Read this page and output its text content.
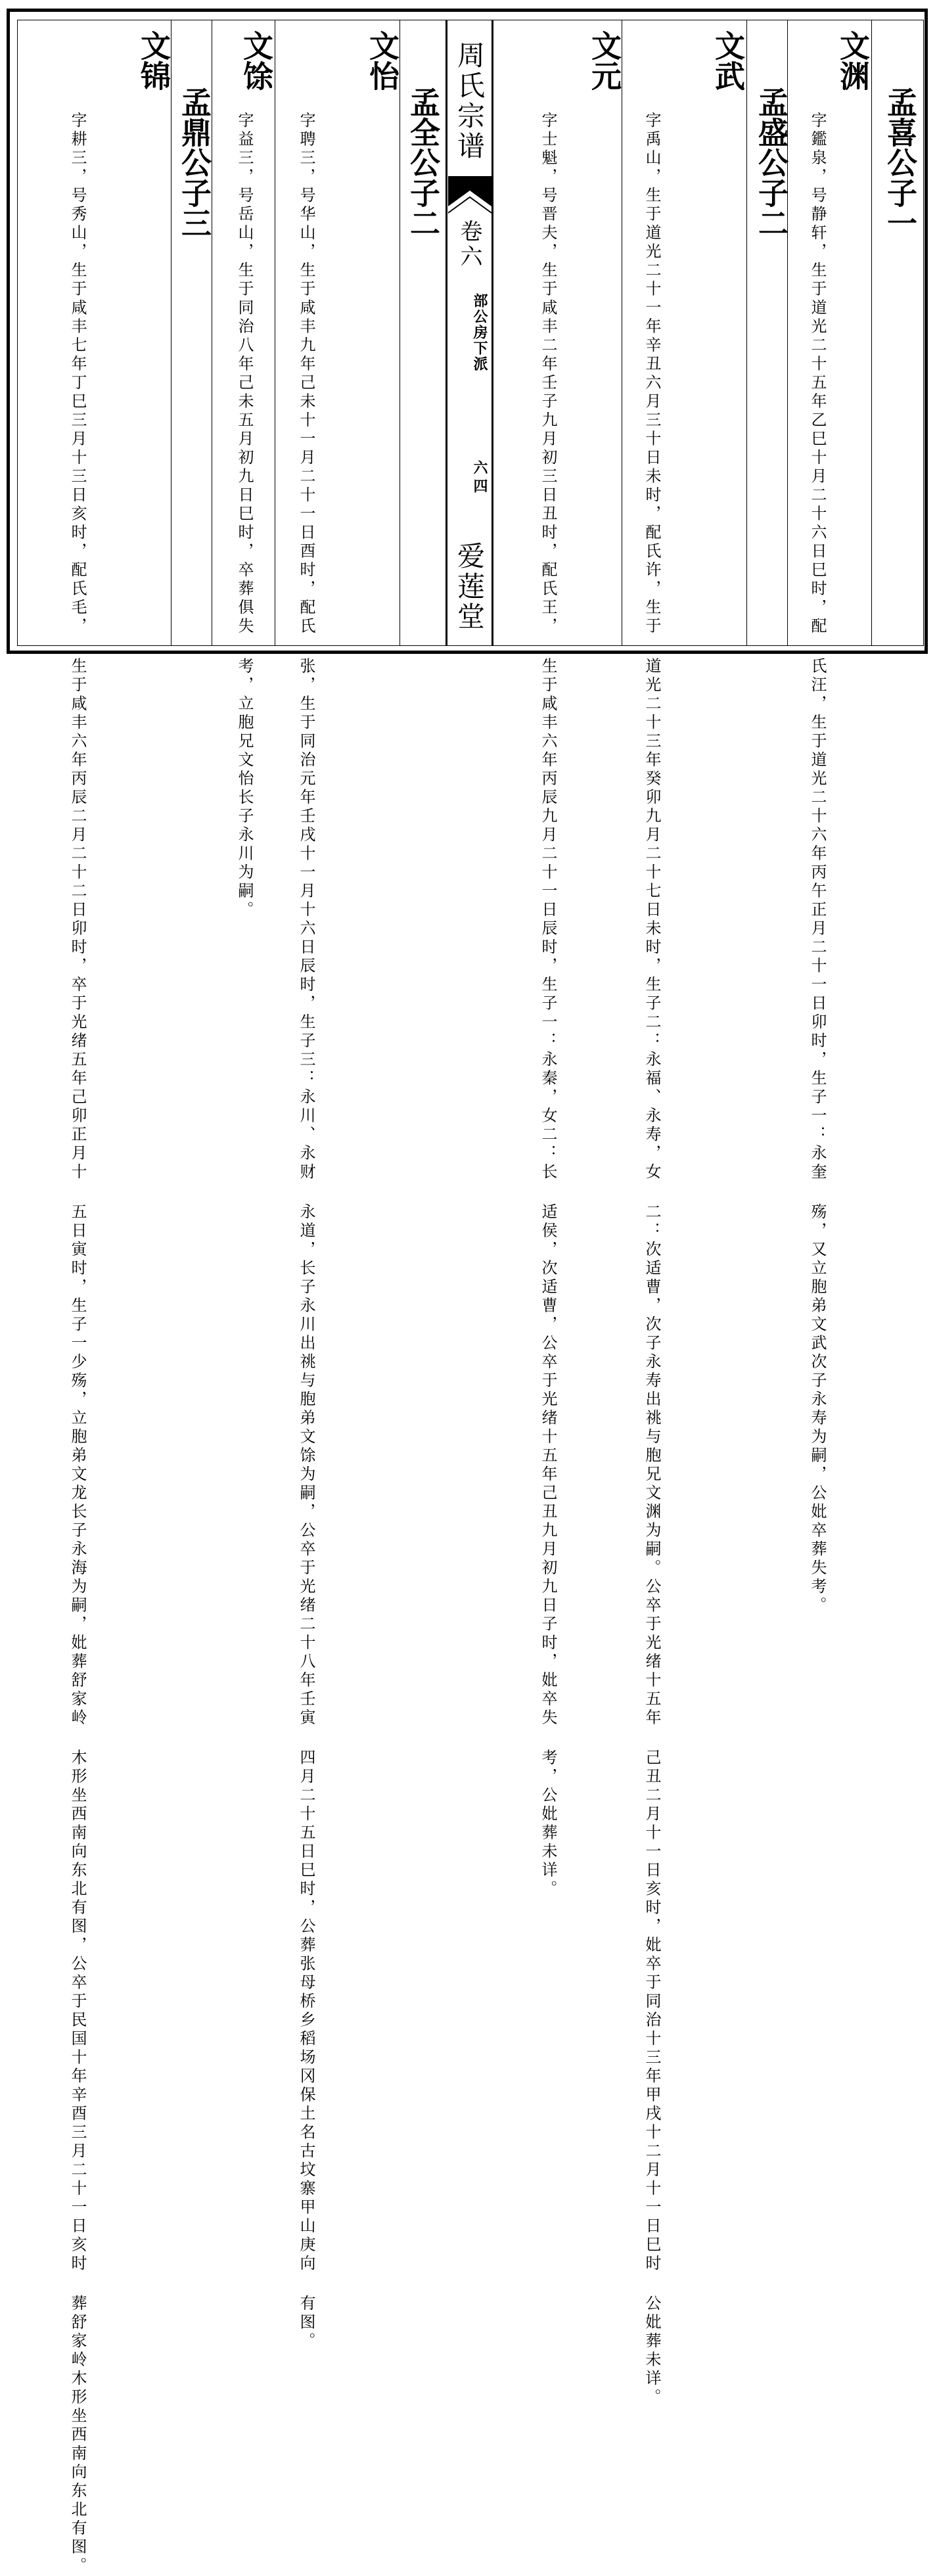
周氏宗谱
卷六
部公房下派
六四
爱莲堂
孟喜公子一
文渊
字鑑泉，号静轩，生于道光二十五年乙巳十月二十六日巳时，配 氏汪，生于道光二十六年丙午正月二十一日卯时，生子一：永奎 殇，又立胞弟文武次子永寿为嗣，公妣卒葬失考。
孟盛公子二
文武
字禹山，生于道光二十一年辛丑六月三十日未时，配氏许，生于 道光二十三年癸卯九月二十七日未时，生子二：永福、永寿，女 二：次适曹，次子永寿出祧与胞兄文渊为嗣。公卒于光绪十五年 己丑二月十一日亥时，妣卒于同治十三年甲戌十二月十一日巳时 公妣葬未详。
文元
字士魁，号晋夫，生于咸丰二年壬子九月初三日丑时，配氏王， 生于咸丰六年丙辰九月二十一日辰时，生子一：永秦，女二：长 适侯，次适曹，公卒于光绪十五年己丑九月初九日子时，妣卒失 考，公妣葬未详。
孟全公子二
文怡
字聘三，号华山，生于咸丰九年己未十一月二十一日酉时，配氏 张，生于同治元年壬戌十一月十六日辰时，生子三：永川、永财 永道，长子永川出祧与胞弟文馀为嗣，公卒于光绪二十八年壬寅 四月二十五日巳时，公葬张母桥乡稻场冈保土名古坟寨甲山庚向 有图。
文馀
字益三，号岳山，生于同治八年己未五月初九日巳时，卒葬俱失 考，立胞兄文怡长子永川为嗣。
孟鼎公子三
文锦
字耕三，号秀山，生于咸丰七年丁巳三月十三日亥时，配氏毛， 生于咸丰六年丙辰二月二十二日卯时，卒于光绪五年己卯正月十 五日寅时，生子一少殇，立胞弟文龙长子永海为嗣，妣葬舒家岭 木形坐西南向东北有图，公卒于民国十年辛酉三月二十一日亥时 葬舒家岭木形坐西南向东北有图。
